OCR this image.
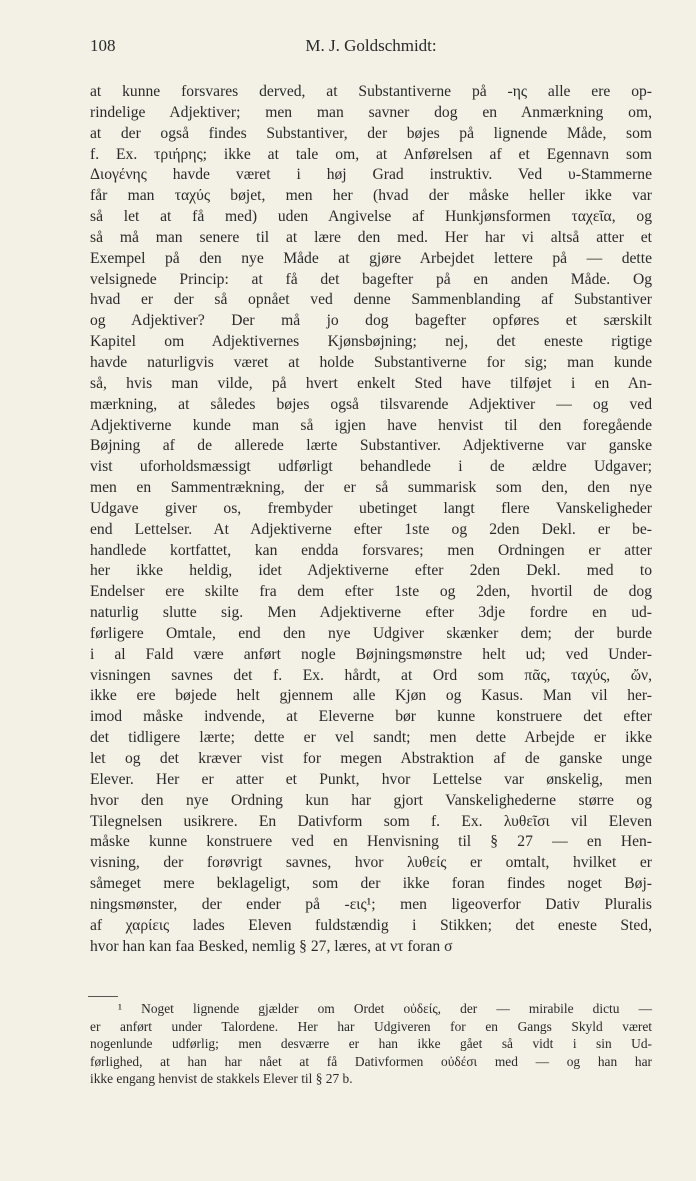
108	M. J. Goldschmidt:
at kunne forsvares derved, at Substantiverne på -ης alle ere op-
rindelige Adjektiver; men man savner dog en Anmærkning om,
at der også findes Substantiver, der bøjes på lignende Måde, som
f. Ex. τριήρης; ikke at tale om, at Anførelsen af et Egennavn som
Διογένης havde været i høj Grad instruktiv. Ved υ-Stammerne
får man ταχύς bøjet, men her (hvad der måske heller ikke var
så let at få med) uden Angivelse af Hunkjønsformen ταχεῖα, og
så må man senere til at lære den med. Her har vi altså atter et
Exempel på den nye Måde at gjøre Arbejdet lettere på — dette
velsignede Princip: at få det bagefter på en anden Måde. Og
hvad er der så opnået ved denne Sammenblanding af Substantiver
og Adjektiver? Der må jo dog bagefter opføres et særskilt
Kapitel om Adjektivernes Kjønsbøjning; nej, det eneste rigtige
havde naturligvis været at holde Substantiverne for sig; man kunde
så, hvis man vilde, på hvert enkelt Sted have tilføjet i en An-
mærkning, at således bøjes også tilsvarende Adjektiver — og ved
Adjektiverne kunde man så igjen have henvist til den foregående
Bøjning af de allerede lærte Substantiver. Adjektiverne var ganske
vist uforholdsmæssigt udførligt behandlede i de ældre Udgaver;
men en Sammentrækning, der er så summarisk som den, den nye
Udgave giver os, frembyder ubetinget langt flere Vanskeligheder
end Lettelser. At Adjektiverne efter 1ste og 2den Dekl. er be-
handlede kortfattet, kan endda forsvares; men Ordningen er atter
her ikke heldig, idet Adjektiverne efter 2den Dekl. med to
Endelser ere skilte fra dem efter 1ste og 2den, hvortil de dog
naturlig slutte sig. Men Adjektiverne efter 3dje fordre en ud-
førligere Omtale, end den nye Udgiver skænker dem; der burde
i al Fald være anført nogle Bøjningsmønstre helt ud; ved Under-
visningen savnes det f. Ex. hårdt, at Ord som πᾶς, ταχύς, ὤν,
ikke ere bøjede helt gjennem alle Kjøn og Kasus. Man vil her-
imod måske indvende, at Eleverne bør kunne konstruere det efter
det tidligere lærte; dette er vel sandt; men dette Arbejde er ikke
let og det kræver vist for megen Abstraktion af de ganske unge
Elever. Her er atter et Punkt, hvor Lettelse var ønskelig, men
hvor den nye Ordning kun har gjort Vanskelighederne større og
Tilegnelsen usikrere. En Dativform som f. Ex. λυθεῖσι vil Eleven
måske kunne konstruere ved en Henvisning til § 27 — en Hen-
visning, der forøvrigt savnes, hvor λυθείς er omtalt, hvilket er
såmeget mere beklageligt, som der ikke foran findes noget Bøj-
ningsmønster, der ender på -εις¹; men ligeoverfor Dativ Pluralis
af χαρίεις lades Eleven fuldstændig i Stikken; det eneste Sted,
hvor han kan faa Besked, nemlig § 27, læres, at ντ foran σ
¹ Noget lignende gjælder om Ordet οὐδείς, der — mirabile dictu —
er anført under Talordene. Her har Udgiveren for en Gangs Skyld været
nogenlunde udførlig; men desværre er han ikke gået så vidt i sin Ud-
førlighed, at han har nået at få Dativformen οὐδέσι med — og han har
ikke engang henvist de stakkels Elever til § 27 b.
